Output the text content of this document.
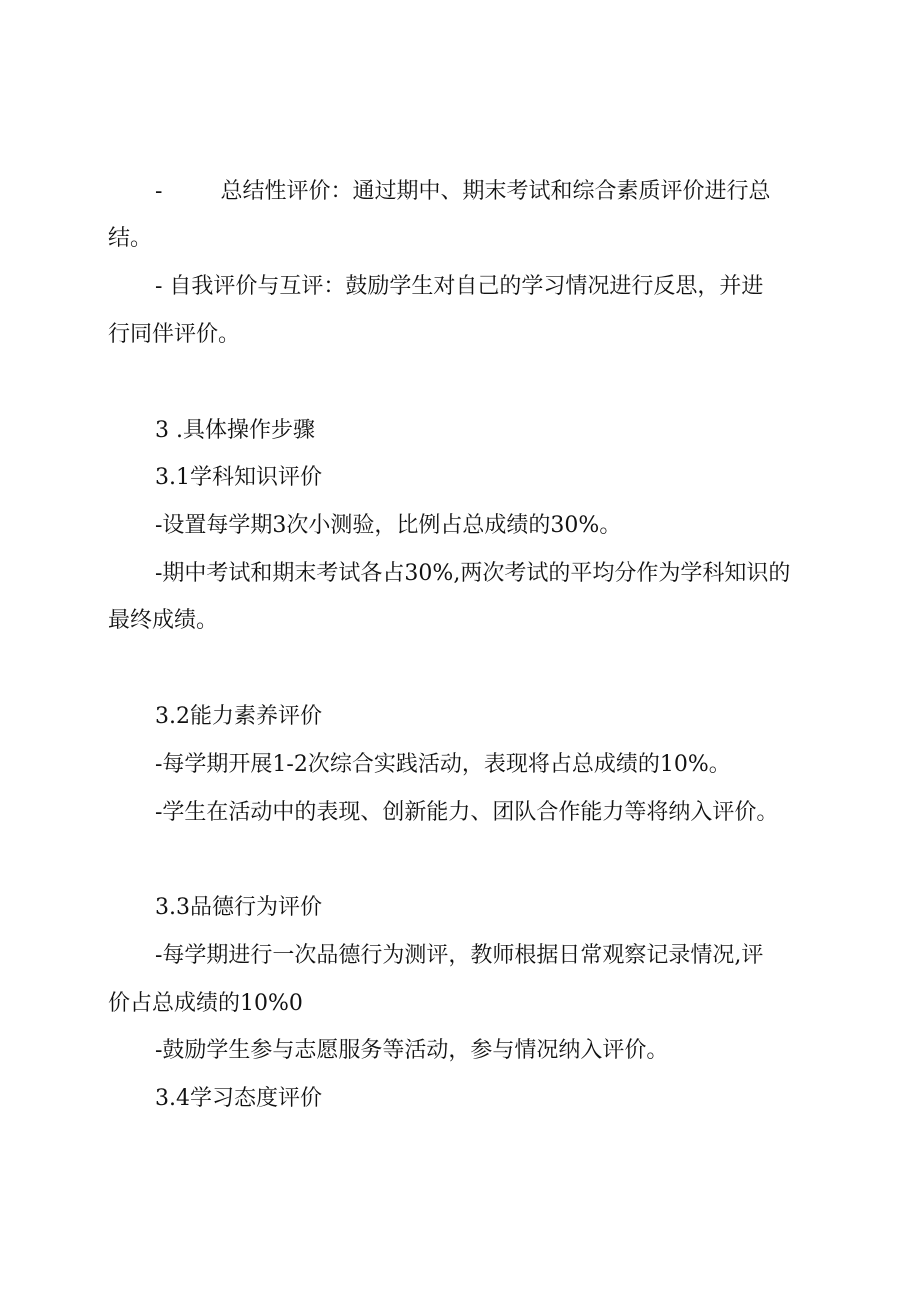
-	总结性评价：通过期中、期末考试和综合素质评价进行总
结。
- 自我评价与互评：鼓励学生对自己的学习情况进行反思，并进
行同伴评价。
3 .具体操作步骤
3.1学科知识评价
-设置每学期3次小测验，比例占总成绩的30%。
-期中考试和期末考试各占30%,两次考试的平均分作为学科知识的
最终成绩。
3.2能力素养评价
-每学期开展1-2次综合实践活动，表现将占总成绩的10%。
-学生在活动中的表现、创新能力、团队合作能力等将纳入评价。
3.3品德行为评价
-每学期进行一次品德行为测评，教师根据日常观察记录情况,评
价占总成绩的10%0
-鼓励学生参与志愿服务等活动，参与情况纳入评价。
3.4学习态度评价
